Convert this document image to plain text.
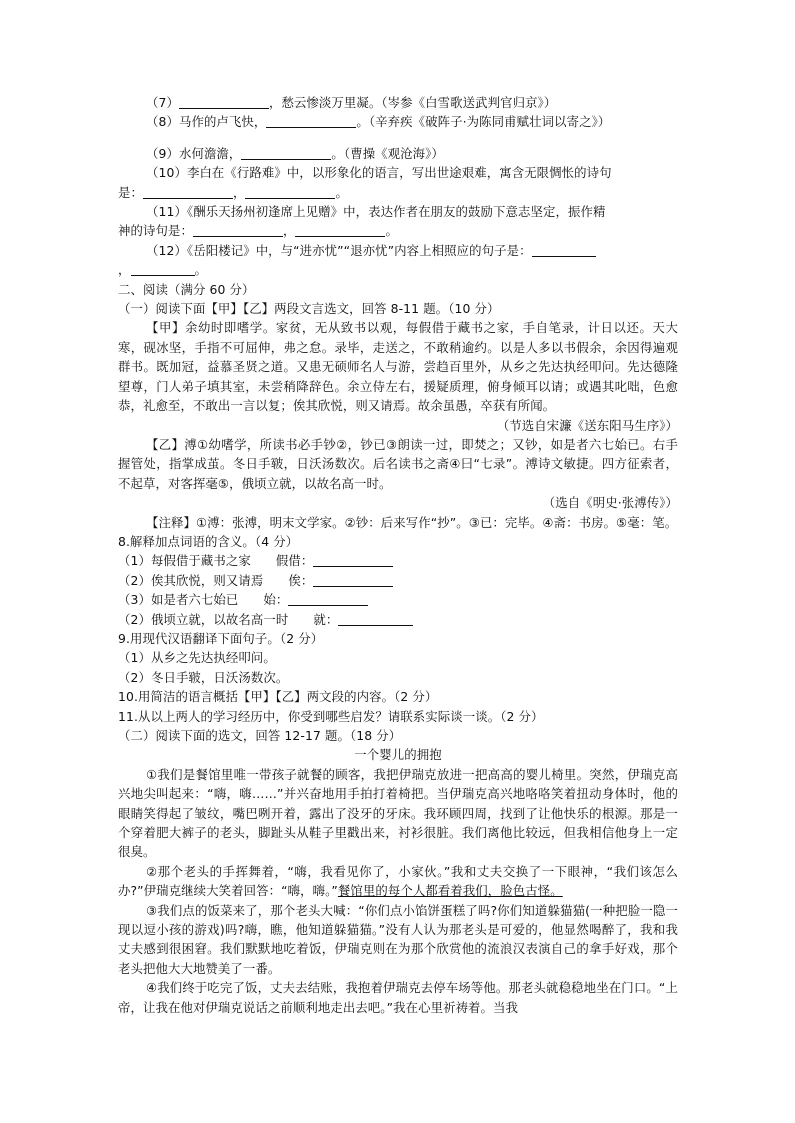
（7）	，愁云惨淡万里凝。（岑参《白雪歌送武判官归京》）
（8）马作的卢飞快，	。（辛弃疾《破阵子·为陈同甫赋壮词以寄之》）
（9）水何澹澹，	。（曹操《观沧海》）
（10）李白在《行路难》中，以形象化的语言，写出世途艰难，寓含无限惆怅的诗句
是：	，	。
（11）《酬乐天扬州初逢席上见赠》中，表达作者在朋友的鼓励下意志坚定，振作精
神的诗句是：	，	。
（12）《岳阳楼记》中，与“进亦忧”“退亦忧”内容上相照应的句子是：
，	。
二、阅读（满分 60 分）
（一）阅读下面【甲】【乙】两段文言选文，回答 8-11 题。（10 分）
【甲】余幼时即嗜学。家贫，无从致书以观，每假借于藏书之家，手自笔录，计日以还。天大寒，砚冰坚，手指不可屈伸，弗之怠。录毕，走送之，不敢稍逾约。以是人多以书假余，余因得遍观群书。既加冠，益慕圣贤之道。又患无硕师名人与游，尝趋百里外，从乡之先达执经叩问。先达德隆望尊，门人弟子填其室，未尝稍降辞色。余立侍左右，援疑质理，俯身倾耳以请；或遇其叱咄，色愈恭，礼愈至，不敢出一言以复；俟其欣悦，则又请焉。故余虽愚，卒获有所闻。
（节选自宋濂《送东阳马生序》）
【乙】溥①幼嗜学，所读书必手钞②，钞已③朗读一过，即焚之；又钞，如是者六七始已。右手握管处，指掌成茧。冬日手皲，日沃汤数次。后名读书之斋④曰“七录”。溥诗文敏捷。四方征索者，不起草，对客挥毫⑤，俄顷立就，以故名高一时。
（选自《明史·张溥传》）
【注释】①溥：张溥，明末文学家。②钞：后来写作“抄”。③已：完毕。④斋：书房。⑤毫：笔。
8.解释加点词语的含义。（4 分）
（1）每假借于藏书之家　　假借：
（2）俟其欣悦，则又请焉　　俟：
（3）如是者六七始已　　始：
（2）俄顷立就，以故名高一时　　就：
9.用现代汉语翻译下面句子。（2 分）
（1）从乡之先达执经叩问。
（2）冬日手皲，日沃汤数次。
10.用简洁的语言概括【甲】【乙】两文段的内容。（2 分）
11.从以上两人的学习经历中，你受到哪些启发？请联系实际谈一谈。（2 分）
（二）阅读下面的选文，回答 12-17 题。（18 分）
一个婴儿的拥抱
①我们是餐馆里唯一带孩子就餐的顾客，我把伊瑞克放进一把高高的婴儿椅里。突然，伊瑞克高兴地尖叫起来：“嗨，嗨……”并兴奋地用手拍打着椅把。当伊瑞克高兴地咯咯笑着扭动身体时，他的眼睛笑得起了皱纹，嘴巴咧开着，露出了没牙的牙床。我环顾四周，找到了让他快乐的根源。那是一个穿着肥大裤子的老头，脚趾头从鞋子里戳出来，衬衫很脏。我们离他比较远，但我相信他身上一定很臭。
②那个老头的手挥舞着，“嗨，我看见你了，小家伙。”我和丈夫交换了一下眼神，“我们该怎么办?”伊瑞克继续大笑着回答：“嗨，嗨。”餐馆里的每个人都看着我们，脸色古怪。
③我们点的饭菜来了，那个老头大喊：“你们点小馅饼蛋糕了吗?你们知道躲猫猫(一种把脸一隐一现以逗小孩的游戏)吗?嗨，瞧，他知道躲猫猫。”没有人认为那老头是可爱的，他显然喝醉了，我和我丈夫感到很困窘。我们默默地吃着饭，伊瑞克则在为那个欣赏他的流浪汉表演自己的拿手好戏，那个老头把他大大地赞美了一番。
④我们终于吃完了饭，丈夫去结账，我抱着伊瑞克去停车场等他。那老头就稳稳地坐在门口。“上帝，让我在他对伊瑞克说话之前顺利地走出去吧。”我在心里祈祷着。当我
